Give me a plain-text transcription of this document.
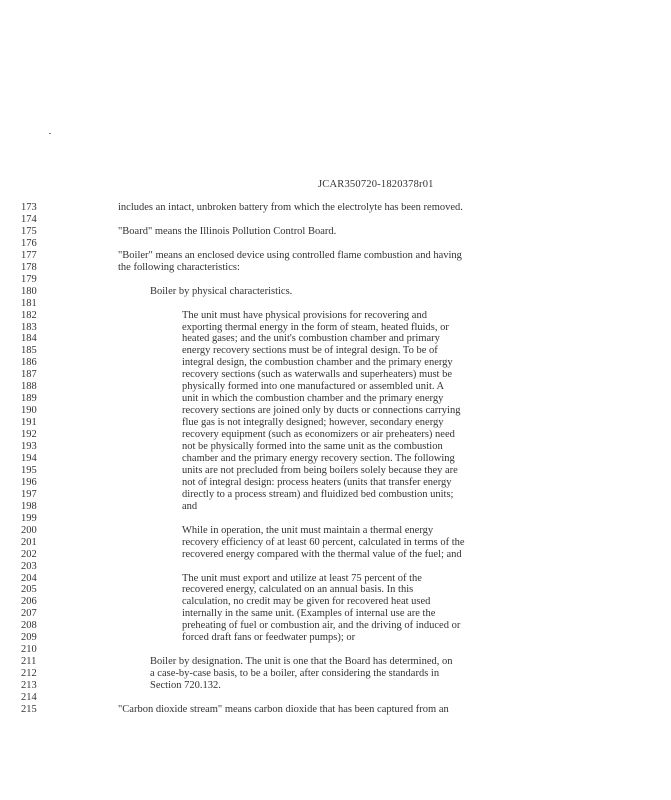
JCAR350720-1820378r01
173	includes an intact, unbroken battery from which the electrolyte has been removed.
174
175	"Board" means the Illinois Pollution Control Board.
176
177	"Boiler" means an enclosed device using controlled flame combustion and having
178	the following characteristics:
179
180	Boiler by physical characteristics.
181
182	The unit must have physical provisions for recovering and
183	exporting thermal energy in the form of steam, heated fluids, or
184	heated gases; and the unit's combustion chamber and primary
185	energy recovery sections must be of integral design. To be of
186	integral design, the combustion chamber and the primary energy
187	recovery sections (such as waterwalls and superheaters) must be
188	physically formed into one manufactured or assembled unit. A
189	unit in which the combustion chamber and the primary energy
190	recovery sections are joined only by ducts or connections carrying
191	flue gas is not integrally designed; however, secondary energy
192	recovery equipment (such as economizers or air preheaters) need
193	not be physically formed into the same unit as the combustion
194	chamber and the primary energy recovery section. The following
195	units are not precluded from being boilers solely because they are
196	not of integral design: process heaters (units that transfer energy
197	directly to a process stream) and fluidized bed combustion units;
198	and
199
200	While in operation, the unit must maintain a thermal energy
201	recovery efficiency of at least 60 percent, calculated in terms of the
202	recovered energy compared with the thermal value of the fuel; and
203
204	The unit must export and utilize at least 75 percent of the
205	recovered energy, calculated on an annual basis. In this
206	calculation, no credit may be given for recovered heat used
207	internally in the same unit. (Examples of internal use are the
208	preheating of fuel or combustion air, and the driving of induced or
209	forced draft fans or feedwater pumps); or
210
211	Boiler by designation. The unit is one that the Board has determined, on
212	a case-by-case basis, to be a boiler, after considering the standards in
213	Section 720.132.
214
215	"Carbon dioxide stream" means carbon dioxide that has been captured from an
